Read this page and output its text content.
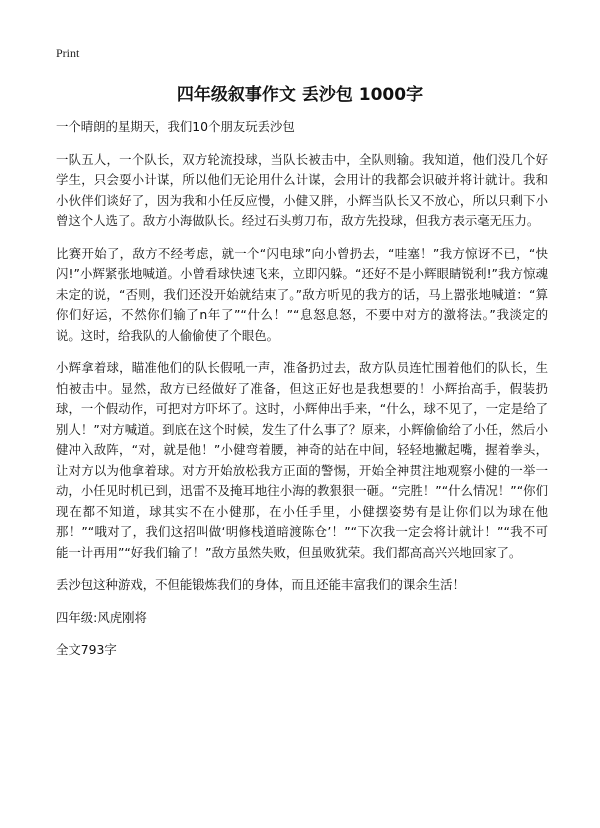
Print
四年级叙事作文 丢沙包 1000字

一个晴朗的星期天，我们10个朋友玩丢沙包

一队五人，一个队长，双方轮流投球，当队长被击中，全队则输。我知道，他们没几个好学生，只会耍小计谋，所以他们无论用什么计谋，会用计的我都会识破并将计就计。我和小伙伴们谈好了，因为我和小任反应慢，小健又胖，小辉当队长又不放心，所以只剩下小曾这个人选了。敌方小海做队长。经过石头剪刀布，敌方先投球，但我方表示毫无压力。

比赛开始了，敌方不经考虑，就一个“闪电球”向小曾扔去，“哇塞！”我方惊讶不已，“快闪!”小辉紧张地喊道。小曾看球快速飞来，立即闪躲。“还好不是小辉眼睛锐利!”我方惊魂未定的说，“否则，我们还没开始就结束了。”敌方听见的我方的话，马上嚣张地喊道：“算你们好运，不然你们输了n年了”“什么！”“息怒息怒，不要中对方的激将法。”我淡定的说。这时，给我队的人偷偷使了个眼色。

小辉拿着球，瞄准他们的队长假吼一声，准备扔过去，敌方队员连忙围着他们的队长，生怕被击中。显然，敌方已经做好了准备，但这正好也是我想要的！小辉抬高手，假装扔球，一个假动作，可把对方吓坏了。这时，小辉伸出手来，“什么，球不见了，一定是给了别人！”对方喊道。到底在这个时候，发生了什么事了？原来，小辉偷偷给了小任，然后小健冲入敌阵，“对，就是他！”小健弯着腰，神奇的站在中间，轻轻地撇起嘴，握着拳头，让对方以为他拿着球。对方开始放松我方正面的警惕，开始全神贯注地观察小健的一举一动，小任见时机已到，迅雷不及掩耳地往小海的教狠狠一砸。“完胜！”“什么情况！”“你们现在都不知道，球其实不在小健那，在小任手里，小健摆姿势有是让你们以为球在他那！”“哦对了，我们这招叫做‘明修栈道暗渡陈仓’！”“下次我一定会将计就计！”“我不可能一计再用”“好我们输了！”敌方虽然失败，但虽败犹荣。我们都高高兴兴地回家了。

丢沙包这种游戏，不但能锻炼我们的身体，而且还能丰富我们的课余生活！

四年级:风虎刚将

全文793字
